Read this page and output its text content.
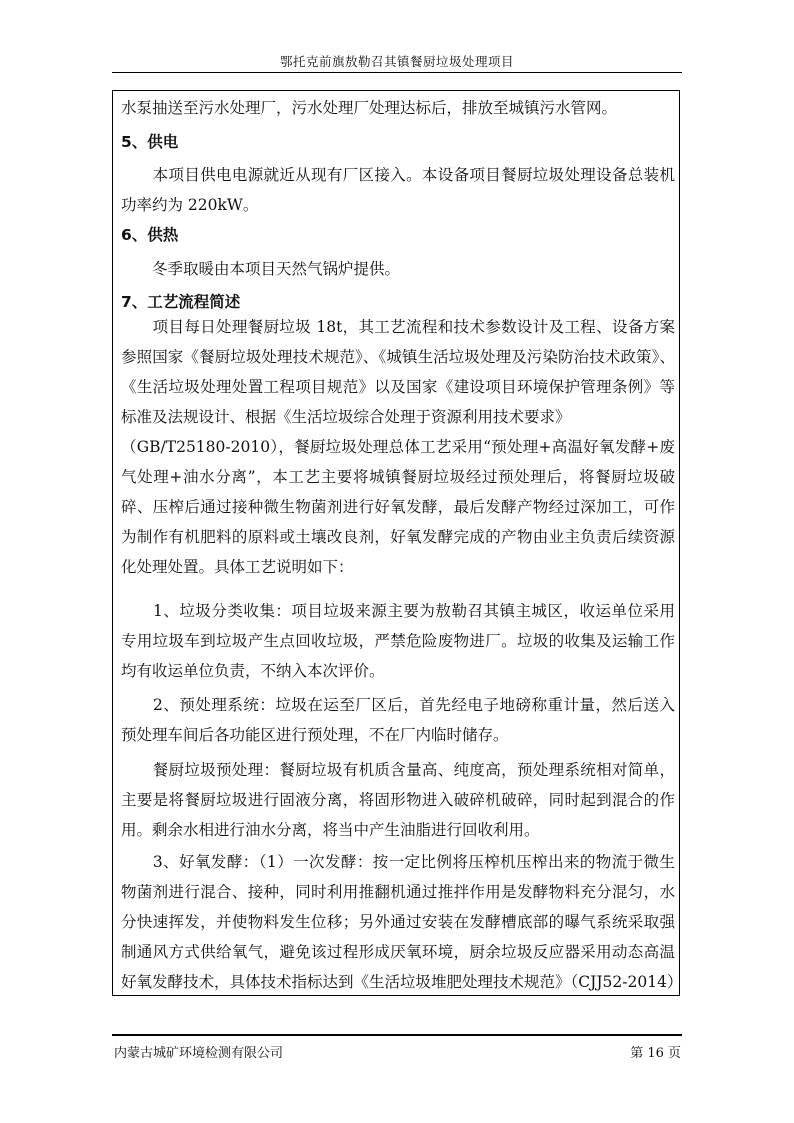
鄂托克前旗敖勒召其镇餐厨垃圾处理项目
水泵抽送至污水处理厂，污水处理厂处理达标后，排放至城镇污水管网。
5、供电
　　本项目供电电源就近从现有厂区接入。本设备项目餐厨垃圾处理设备总装机
功率约为 220kW。
6、供热
　　冬季取暖由本项目天然气锅炉提供。
7、工艺流程简述
　　项目每日处理餐厨垃圾 18t，其工艺流程和技术参数设计及工程、设备方案
参照国家《餐厨垃圾处理技术规范》、《城镇生活垃圾处理及污染防治技术政策》、
《生活垃圾处理处置工程项目规范》以及国家《建设项目环境保护管理条例》等
标准及法规设计、根据《生活垃圾综合处理于资源利用技术要求》
（GB/T25180-2010），餐厨垃圾处理总体工艺采用“预处理+高温好氧发酵+废
气处理+油水分离”，本工艺主要将城镇餐厨垃圾经过预处理后，将餐厨垃圾破
碎、压榨后通过接种微生物菌剂进行好氧发酵，最后发酵产物经过深加工，可作
为制作有机肥料的原料或土壤改良剂，好氧发酵完成的产物由业主负责后续资源
化处理处置。具体工艺说明如下：
　　1、垃圾分类收集：项目垃圾来源主要为敖勒召其镇主城区，收运单位采用
专用垃圾车到垃圾产生点回收垃圾，严禁危险废物进厂。垃圾的收集及运输工作
均有收运单位负责，不纳入本次评价。
　　2、预处理系统：垃圾在运至厂区后，首先经电子地磅称重计量，然后送入
预处理车间后各功能区进行预处理，不在厂内临时储存。
　　餐厨垃圾预处理：餐厨垃圾有机质含量高、纯度高，预处理系统相对简单，
主要是将餐厨垃圾进行固液分离，将固形物进入破碎机破碎，同时起到混合的作
用。剩余水相进行油水分离，将当中产生油脂进行回收利用。
　　3、好氧发酵：（1）一次发酵：按一定比例将压榨机压榨出来的物流于微生
物菌剂进行混合、接种，同时利用推翻机通过推拌作用是发酵物料充分混匀，水
分快速挥发，并使物料发生位移；另外通过安装在发酵槽底部的曝气系统采取强
制通风方式供给氧气，避免该过程形成厌氧环境，厨余垃圾反应器采用动态高温
好氧发酵技术，具体技术指标达到《生活垃圾堆肥处理技术规范》（CJJ52-2014）
内蒙古城矿环境检测有限公司	第 16 页
